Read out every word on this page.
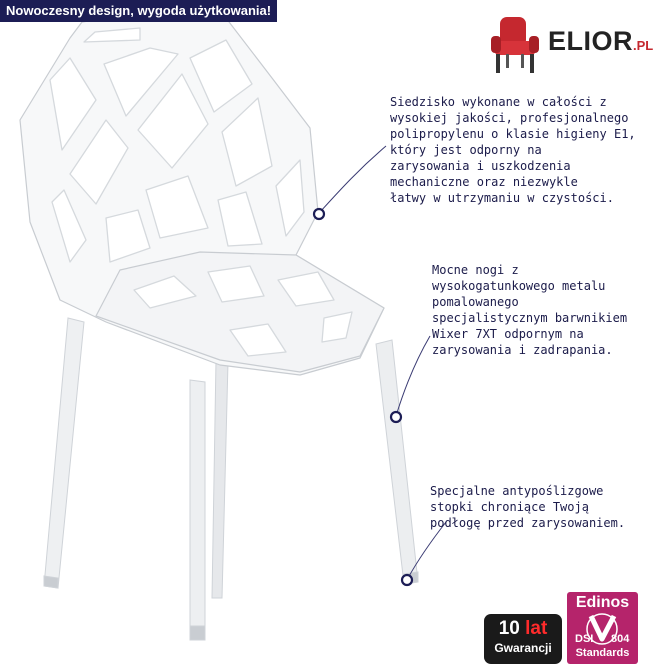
Nowoczesny design, wygoda użytkowania!
ELIOR.PL

Siedzisko wykonane w całości z
wysokiej jakości, profesjonalnego
polipropylenu o klasie higieny E1,
który jest odporny na
zarysowania i uszkodzenia
mechaniczne oraz niezwykle
łatwy w utrzymaniu w czystości.

Mocne nogi z
wysokogatunkowego metalu
pomalowanego
specjalistycznym barwnikiem
Wixer 7XT odpornym na
zarysowania i zadrapania.

Specjalne antypoślizgowe
stopki chroniące Twoją
podłogę przed zarysowaniem.

10 lat
Gwarancji
Edinos
DSI 804
Standards
